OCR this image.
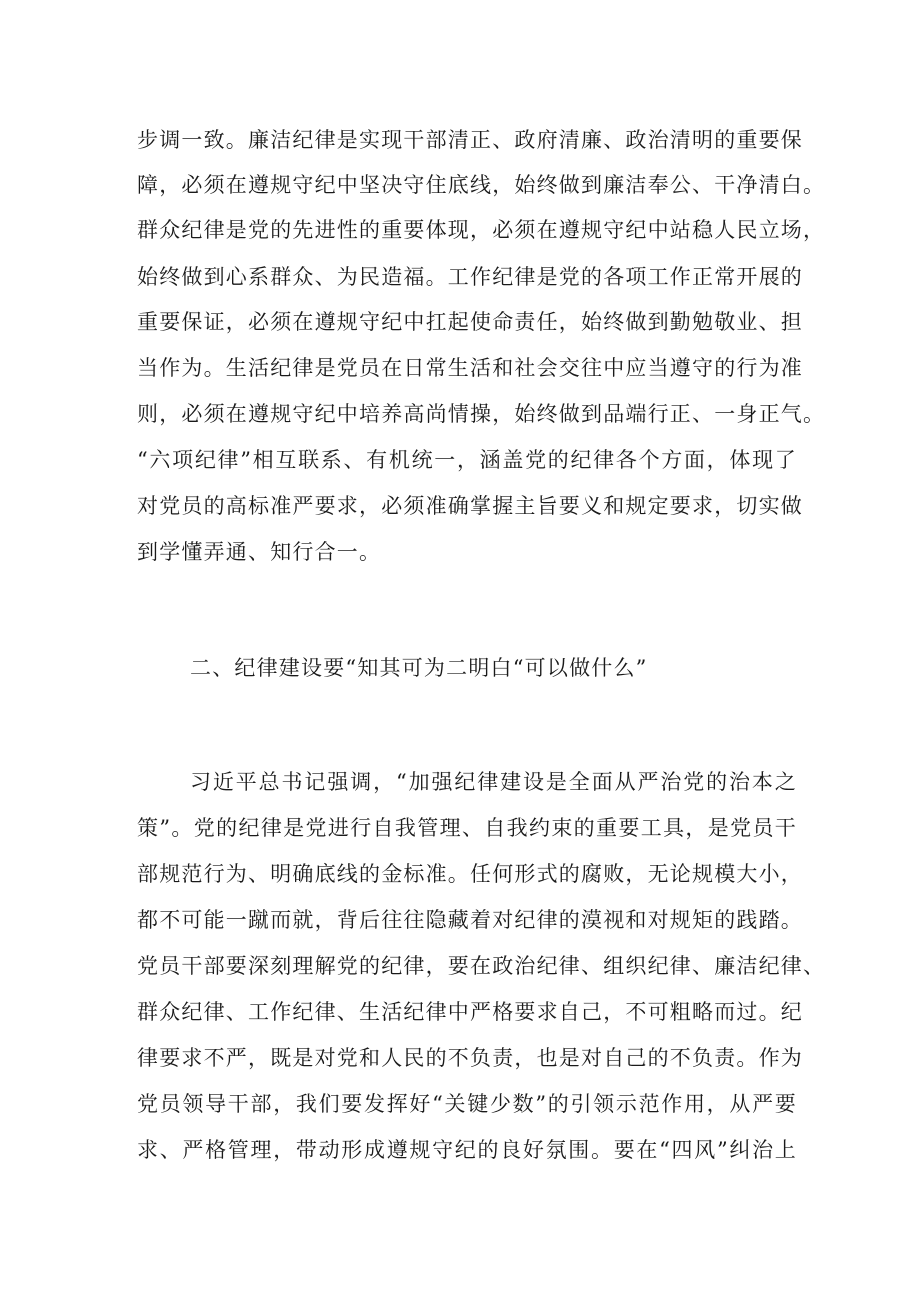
步调一致。廉洁纪律是实现干部清正、政府清廉、政治清明的重要保
障，必须在遵规守纪中坚决守住底线，始终做到廉洁奉公、干净清白。
群众纪律是党的先进性的重要体现，必须在遵规守纪中站稳人民立场，
始终做到心系群众、为民造福。工作纪律是党的各项工作正常开展的
重要保证，必须在遵规守纪中扛起使命责任，始终做到勤勉敬业、担
当作为。生活纪律是党员在日常生活和社会交往中应当遵守的行为准
则，必须在遵规守纪中培养高尚情操，始终做到品端行正、一身正气。
“六项纪律”相互联系、有机统一，涵盖党的纪律各个方面，体现了
对党员的高标准严要求，必须准确掌握主旨要义和规定要求，切实做
到学懂弄通、知行合一。
二、纪律建设要“知其可为二明白“可以做什么”
习近平总书记强调，“加强纪律建设是全面从严治党的治本之
策”。党的纪律是党进行自我管理、自我约束的重要工具，是党员干
部规范行为、明确底线的金标准。任何形式的腐败，无论规模大小，
都不可能一蹴而就，背后往往隐藏着对纪律的漠视和对规矩的践踏。
党员干部要深刻理解党的纪律，要在政治纪律、组织纪律、廉洁纪律、
群众纪律、工作纪律、生活纪律中严格要求自己，不可粗略而过。纪
律要求不严，既是对党和人民的不负责，也是对自己的不负责。作为
党员领导干部，我们要发挥好“关键少数”的引领示范作用，从严要
求、严格管理，带动形成遵规守纪的良好氛围。要在“四风”纠治上
